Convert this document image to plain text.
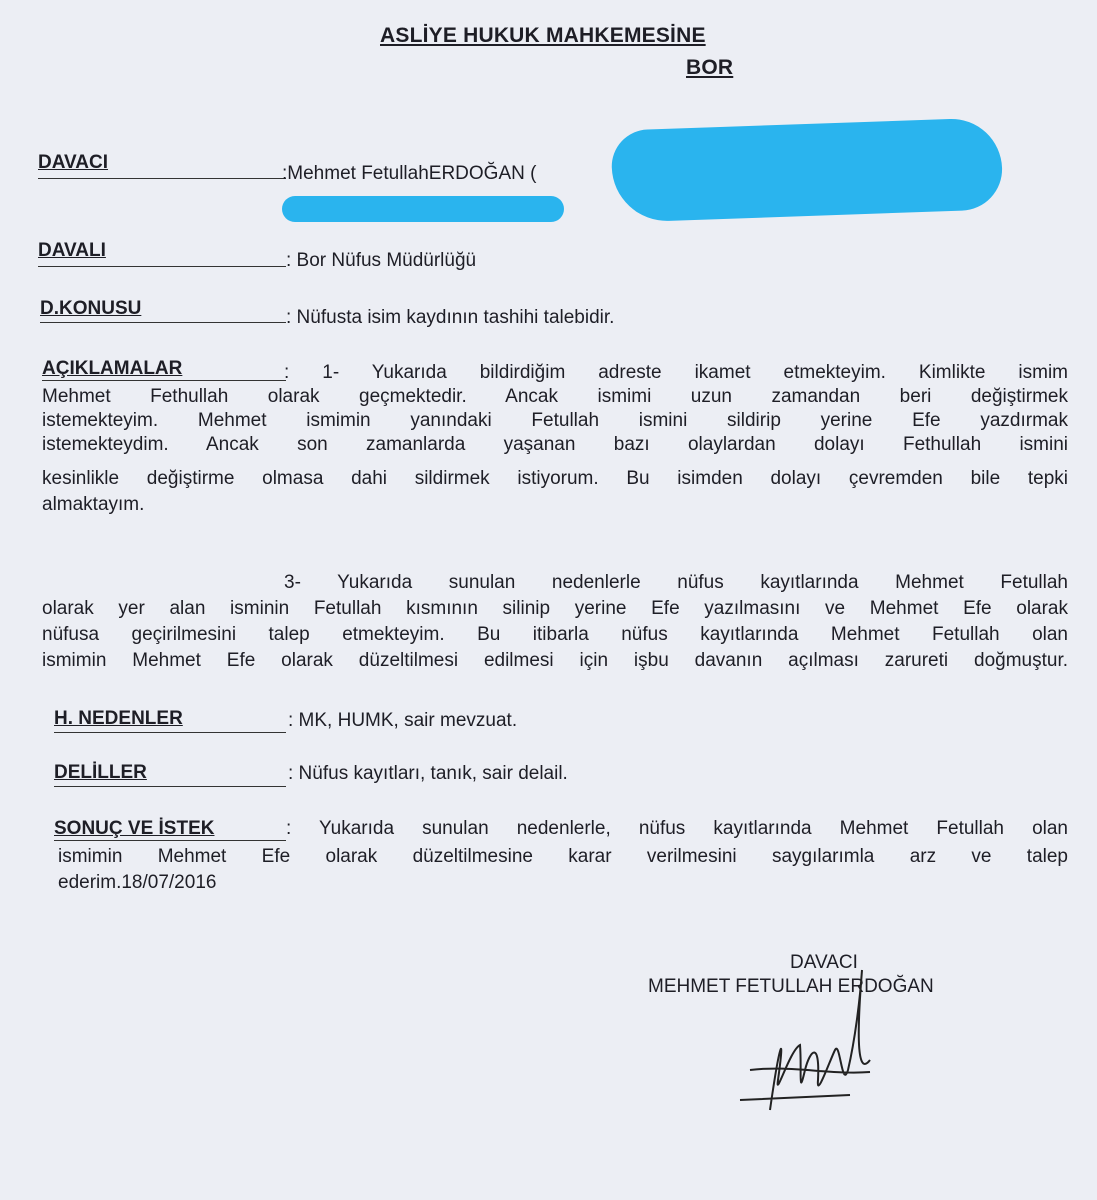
ASLİYE HUKUK MAHKEMESİNE
BOR
DAVACI
:Mehmet FetullahERDOĞAN (
DAVALI	: Bor Nüfus Müdürlüğü
D.KONUSU	: Nüfusta isim kaydının tashihi talebidir.
AÇIKLAMALAR	: 1- Yukarıda bildirdiğim adreste ikamet etmekteyim. Kimlikte ismim
Mehmet Fethullah olarak geçmektedir. Ancak ismimi uzun zamandan beri değiştirmek
istemekteyim. Mehmet ismimin yanındaki Fetullah ismini sildirip yerine Efe yazdırmak
istemekteydim. Ancak son zamanlarda yaşanan bazı olaylardan dolayı Fethullah ismini
kesinlikle değiştirme olmasa dahi sildirmek istiyorum. Bu isimden dolayı çevremden bile tepki
almaktayım.
3- Yukarıda sunulan nedenlerle nüfus kayıtlarında Mehmet Fetullah
olarak yer alan isminin Fetullah kısmının silinip yerine Efe yazılmasını ve Mehmet Efe olarak
nüfusa geçirilmesini talep etmekteyim. Bu itibarla nüfus kayıtlarında Mehmet Fetullah olan
ismimin Mehmet Efe olarak düzeltilmesi edilmesi için işbu davanın açılması zarureti doğmuştur.
H. NEDENLER	: MK, HUMK, sair mevzuat.
DELİLLER	: Nüfus kayıtları, tanık, sair delail.
SONUÇ VE İSTEK	: Yukarıda sunulan nedenlerle, nüfus kayıtlarında Mehmet Fetullah olan
ismimin Mehmet Efe olarak düzeltilmesine karar verilmesini saygılarımla arz ve talep
ederim.18/07/2016
DAVACI
MEHMET FETULLAH ERDOĞAN
